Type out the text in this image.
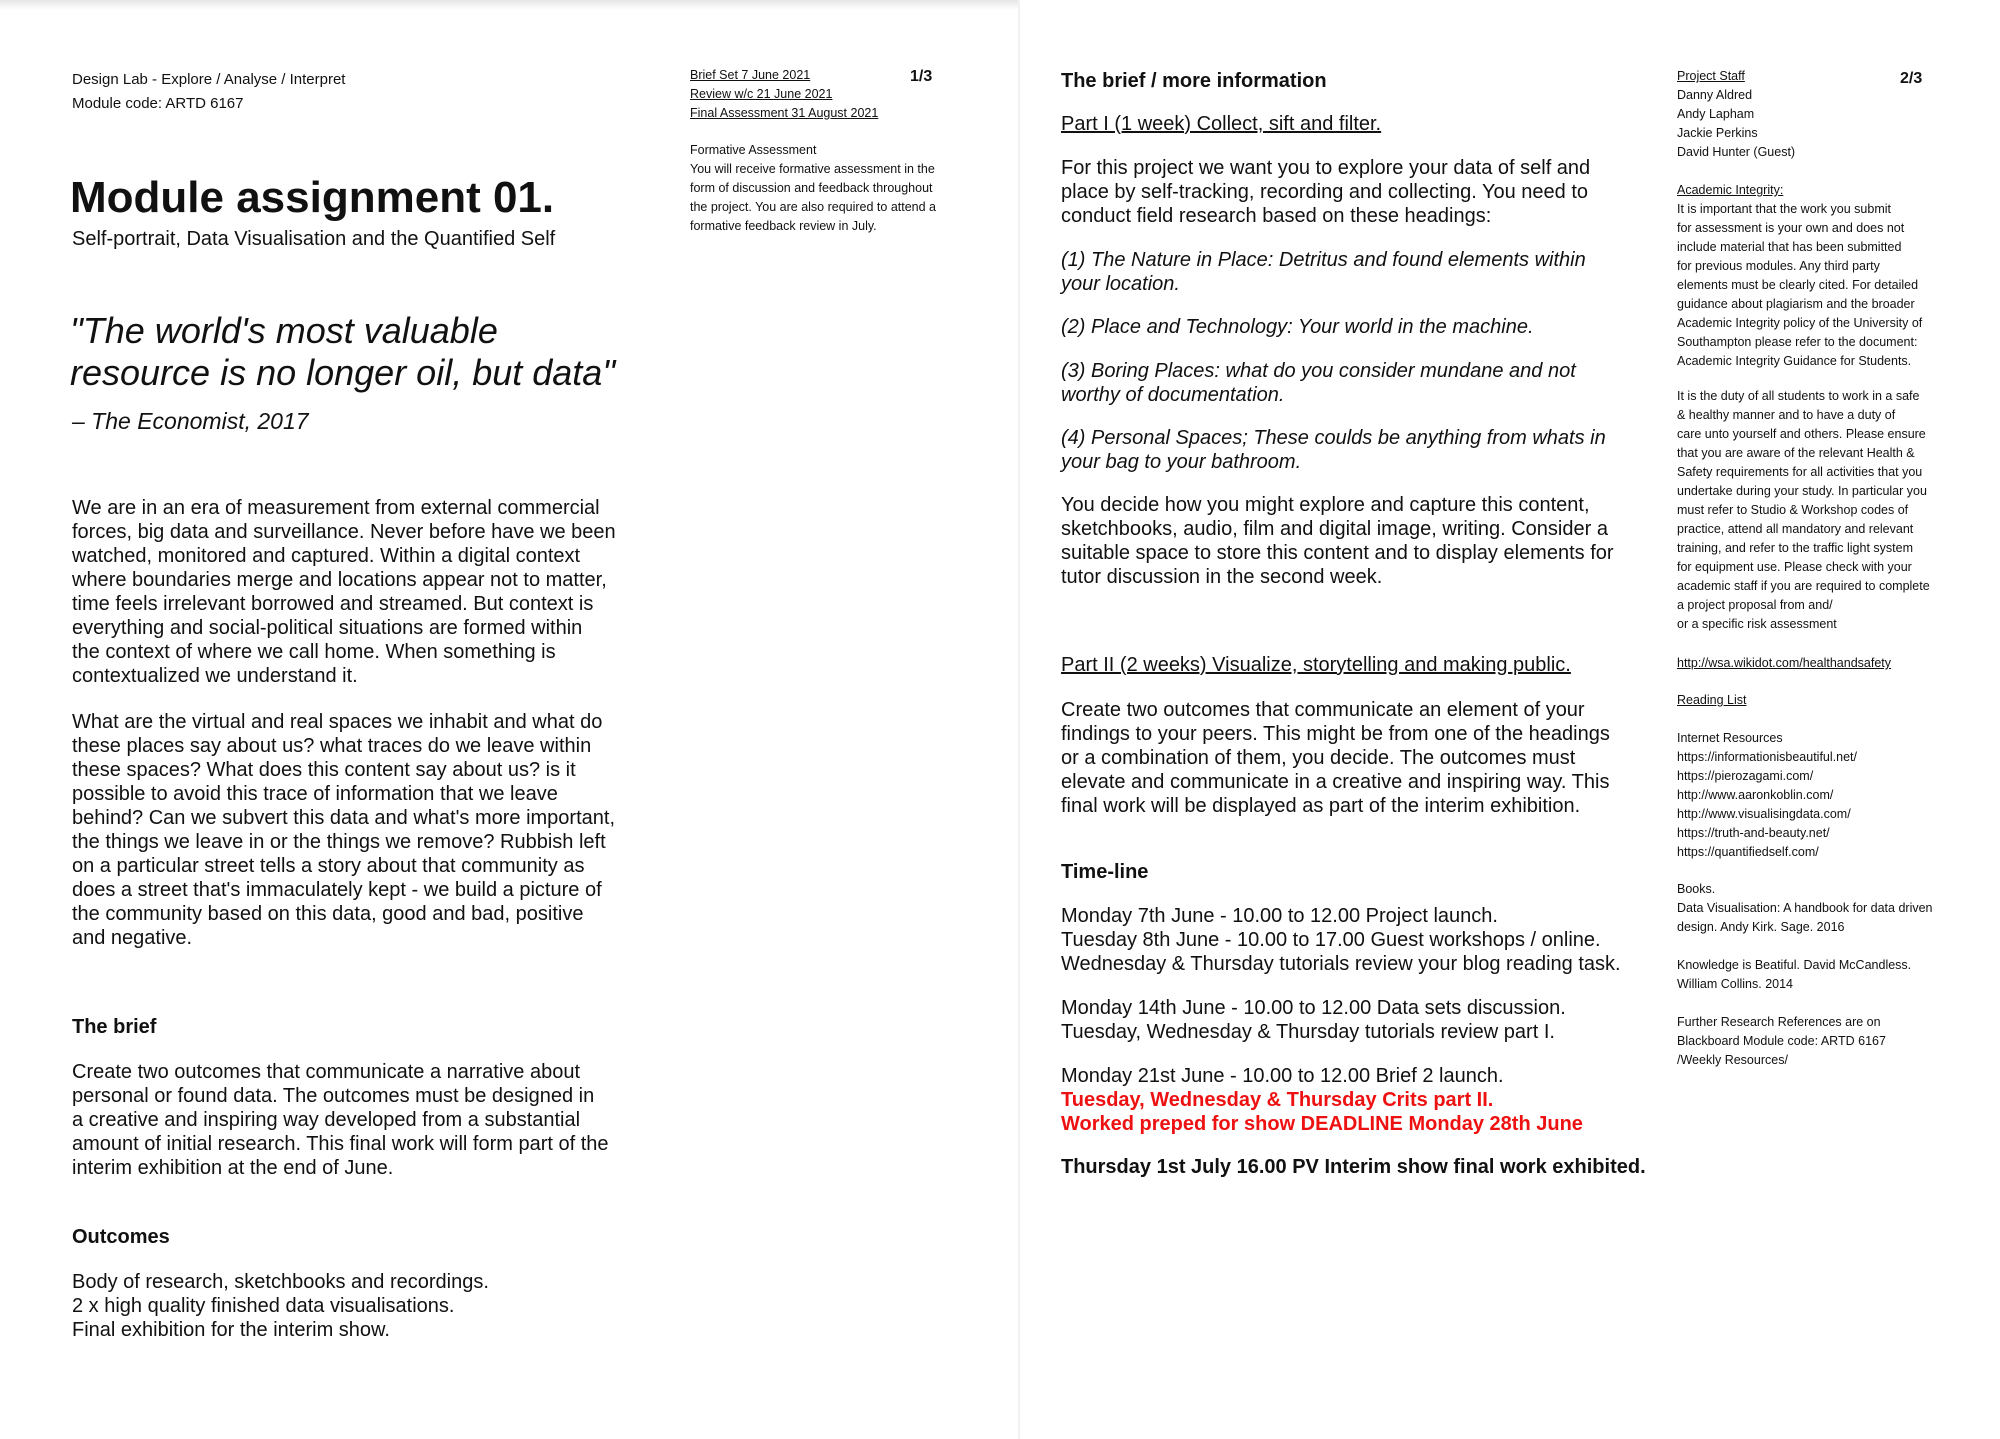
Design Lab - Explore / Analyse / Interpret
Module code: ARTD 6167
Brief Set 7 June 2021
Review w/c 21 June 2021
Final Assessment 31 August 2021
1/3
Formative Assessment
You will receive formative assessment in the
form of discussion and feedback throughout
the project. You are also required to attend a
formative feedback review in July.
Module assignment 01.
Self-portrait, Data Visualisation and the Quantified Self
"The world's most valuable
resource is no longer oil, but data"
– The Economist, 2017
We are in an era of measurement from external commercial
forces, big data and surveillance. Never before have we been
watched, monitored and captured. Within a digital context
where boundaries merge and locations appear not to matter,
time feels irrelevant borrowed and streamed. But context is
everything and social-political situations are formed within
the context of where we call home. When something is
contextualized we understand it.
What are the virtual and real spaces we inhabit and what do
these places say about us? what traces do we leave within
these spaces? What does this content say about us? is it
possible to avoid this trace of information that we leave
behind? Can we subvert this data and what's more important,
the things we leave in or the things we remove? Rubbish left
on a particular street tells a story about that community as
does a street that's immaculately kept - we build a picture of
the community based on this data, good and bad, positive
and negative.
The brief
Create two outcomes that communicate a narrative about
personal or found data. The outcomes must be designed in
a creative and inspiring way developed from a substantial
amount of initial research. This final work will form part of the
interim exhibition at the end of June.
Outcomes
Body of research, sketchbooks and recordings.
2 x high quality finished data visualisations.
Final exhibition for the interim show.
The brief / more information
Part I (1 week) Collect, sift and filter.
For this project we want you to explore your data of self and
place by self-tracking, recording and collecting. You need to
conduct field research based on these headings:
(1) The Nature in Place: Detritus and found elements within
your location.
(2) Place and Technology: Your world in the machine.
(3) Boring Places: what do you consider mundane and not
worthy of documentation.
(4) Personal Spaces; These coulds be anything from whats in
your bag to your bathroom.
You decide how you might explore and capture this content,
sketchbooks, audio, film and digital image, writing. Consider a
suitable space to store this content and to display elements for
tutor discussion in the second week.
Part II (2 weeks) Visualize, storytelling and making public.
Create two outcomes that communicate an element of your
findings to your peers. This might be from one of the headings
or a combination of them, you decide. The outcomes must
elevate and communicate in a creative and inspiring way. This
final work will be displayed as part of the interim exhibition.
Time-line
Monday 7th June - 10.00 to 12.00 Project launch.
Tuesday 8th June - 10.00 to 17.00 Guest workshops / online.
Wednesday & Thursday tutorials review your blog reading task.
Monday 14th June - 10.00 to 12.00 Data sets discussion.
Tuesday, Wednesday & Thursday tutorials review part I.
Monday 21st June - 10.00 to 12.00 Brief 2 launch.
Tuesday, Wednesday & Thursday Crits part II.
Worked preped for show DEADLINE Monday 28th June
Thursday 1st July 16.00 PV Interim show final work exhibited.
2/3
Project Staff
Danny Aldred
Andy Lapham
Jackie Perkins
David Hunter (Guest)
Academic Integrity:
It is important that the work you submit
for assessment is your own and does not
include material that has been submitted
for previous modules. Any third party
elements must be clearly cited. For detailed
guidance about plagiarism and the broader
Academic Integrity policy of the University of
Southampton please refer to the document:
Academic Integrity Guidance for Students.
It is the duty of all students to work in a safe
& healthy manner and to have a duty of
care unto yourself and others. Please ensure
that you are aware of the relevant Health &
Safety requirements for all activities that you
undertake during your study. In particular you
must refer to Studio & Workshop codes of
practice, attend all mandatory and relevant
training, and refer to the traffic light system
for equipment use. Please check with your
academic staff if you are required to complete
a project proposal from and/
or a specific risk assessment
http://wsa.wikidot.com/healthandsafety
Reading List
Internet Resources
https://informationisbeautiful.net/
https://pierozagami.com/
http://www.aaronkoblin.com/
http://www.visualisingdata.com/
https://truth-and-beauty.net/
https://quantifiedself.com/
Books.
Data Visualisation: A handbook for data driven
design. Andy Kirk. Sage. 2016
Knowledge is Beatiful. David McCandless.
William Collins. 2014
Further Research References are on
Blackboard Module code: ARTD 6167
/Weekly Resources/
